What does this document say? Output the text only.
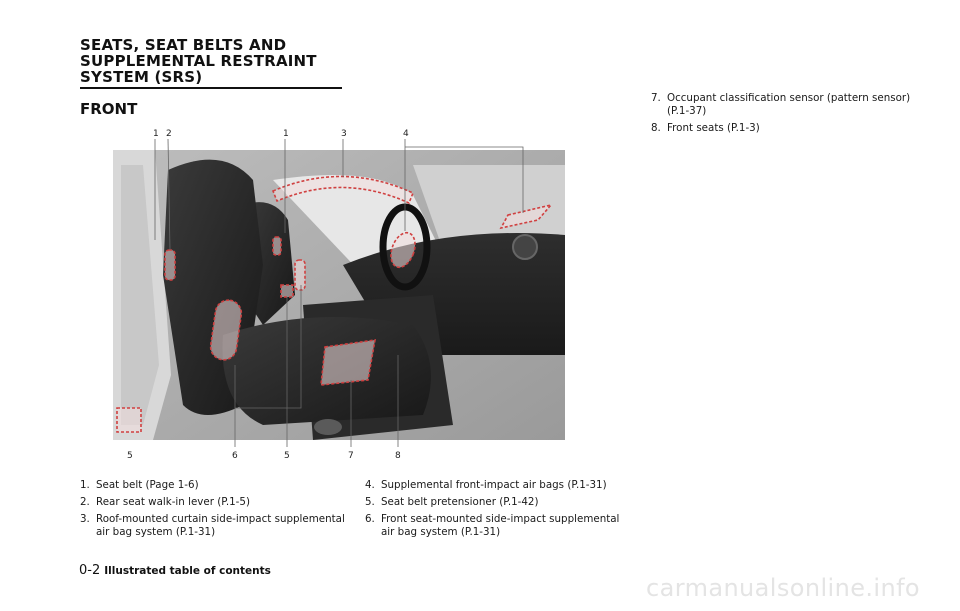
SEATS, SEAT BELTS AND
SUPPLEMENTAL RESTRAINT
SYSTEM (SRS)
FRONT
1 2	1	3	4
5	6	5	7	8
1. Seat belt (Page 1-6)
2. Rear seat walk-in lever (P.1-5)
3. Roof-mounted curtain side-impact supplemental air bag system (P.1-31)
4. Supplemental front-impact air bags (P.1-31)
5. Seat belt pretensioner (P.1-42)
6. Front seat-mounted side-impact supplemental air bag system (P.1-31)
7. Occupant classification sensor (pattern sensor) (P.1-37)
8. Front seats (P.1-3)
0-2 Illustrated table of contents
carmanualsonline.info
